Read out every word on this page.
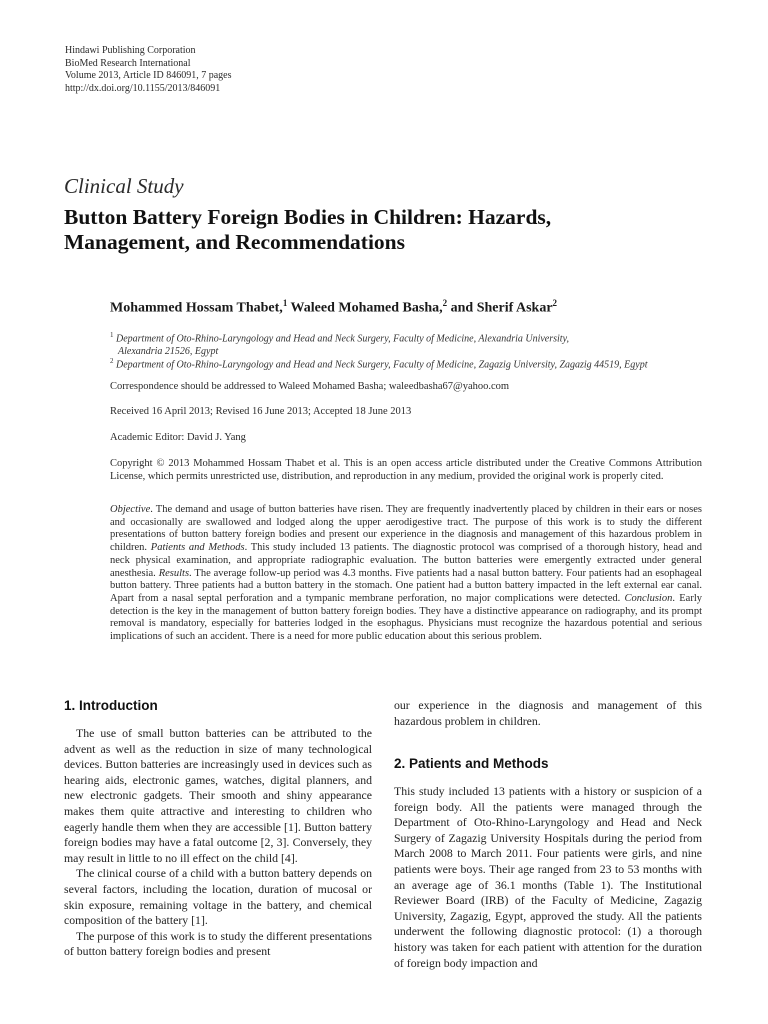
Hindawi Publishing Corporation
BioMed Research International
Volume 2013, Article ID 846091, 7 pages
http://dx.doi.org/10.1155/2013/846091
Clinical Study
Button Battery Foreign Bodies in Children: Hazards,
Management, and Recommendations
Mohammed Hossam Thabet,$^1$ Waleed Mohamed Basha,$^2$ and Sherif Askar$^2$
$^1$ Department of Oto-Rhino-Laryngology and Head and Neck Surgery, Faculty of Medicine, Alexandria University,
Alexandria 21526, Egypt
$^2$ Department of Oto-Rhino-Laryngology and Head and Neck Surgery, Faculty of Medicine, Zagazig University, Zagazig 44519, Egypt
Correspondence should be addressed to Waleed Mohamed Basha; waleedbasha67@yahoo.com
Received 16 April 2013; Revised 16 June 2013; Accepted 18 June 2013
Academic Editor: David J. Yang
Copyright © 2013 Mohammed Hossam Thabet et al. This is an open access article distributed under the Creative Commons Attribution License, which permits unrestricted use, distribution, and reproduction in any medium, provided the original work is properly cited.
Objective. The demand and usage of button batteries have risen. They are frequently inadvertently placed by children in their ears or noses and occasionally are swallowed and lodged along the upper aerodigestive tract. The purpose of this work is to study the different presentations of button battery foreign bodies and present our experience in the diagnosis and management of this hazardous problem in children. Patients and Methods. This study included 13 patients. The diagnostic protocol was comprised of a thorough history, head and neck physical examination, and appropriate radiographic evaluation. The button batteries were emergently extracted under general anesthesia. Results. The average follow-up period was 4.3 months. Five patients had a nasal button battery. Four patients had an esophageal button battery. Three patients had a button battery in the stomach. One patient had a button battery impacted in the left external ear canal. Apart from a nasal septal perforation and a tympanic membrane perforation, no major complications were detected. Conclusion. Early detection is the key in the management of button battery foreign bodies. They have a distinctive appearance on radiography, and its prompt removal is mandatory, especially for batteries lodged in the esophagus. Physicians must recognize the hazardous potential and serious implications of such an accident. There is a need for more public education about this serious problem.
1. Introduction

The use of small button batteries can be attributed to the advent as well as the reduction in size of many technological devices. Button batteries are increasingly used in devices such as hearing aids, electronic games, watches, digital planners, and new electronic gadgets. Their smooth and shiny appearance makes them quite attractive and interesting to children who eagerly handle them when they are accessible [1]. Button battery foreign bodies may have a fatal outcome [2, 3]. Conversely, they may result in little to no ill effect on the child [4].

The clinical course of a child with a button battery depends on several factors, including the location, duration of mucosal or skin exposure, remaining voltage in the battery, and chemical composition of the battery [1].

The purpose of this work is to study the different presentations of button battery foreign bodies and present

our experience in the diagnosis and management of this hazardous problem in children.
2. Patients and Methods

This study included 13 patients with a history or suspicion of a foreign body. All the patients were managed through the Department of Oto-Rhino-Laryngology and Head and Neck Surgery of Zagazig University Hospitals during the period from March 2008 to March 2011. Four patients were girls, and nine patients were boys. Their age ranged from 23 to 53 months with an average age of 36.1 months (Table 1). The Institutional Reviewer Board (IRB) of the Faculty of Medicine, Zagazig University, Zagazig, Egypt, approved the study. All the patients underwent the following diagnostic protocol: (1) a thorough history was taken for each patient with attention for the duration of foreign body impaction and
